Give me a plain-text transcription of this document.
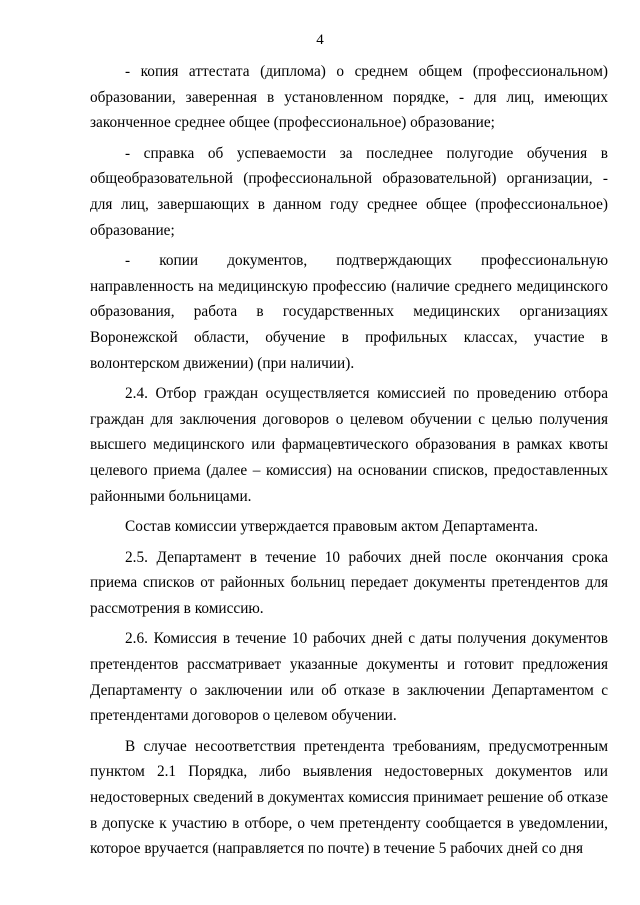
4

- копия аттестата (диплома) о среднем общем (профессиональном) образовании, заверенная в установленном порядке, - для лиц, имеющих законченное среднее общее (профессиональное) образование;

- справка об успеваемости за последнее полугодие обучения в общеобразовательной (профессиональной образовательной) организации, - для лиц, завершающих в данном году среднее общее (профессиональное) образование;

- копии документов, подтверждающих профессиональную направленность на медицинскую профессию (наличие среднего медицинского образования, работа в государственных медицинских организациях Воронежской области, обучение в профильных классах, участие в волонтерском движении) (при наличии).

2.4. Отбор граждан осуществляется комиссией по проведению отбора граждан для заключения договоров о целевом обучении с целью получения высшего медицинского или фармацевтического образования в рамках квоты целевого приема (далее – комиссия) на основании списков, предоставленных районными больницами.

Состав комиссии утверждается правовым актом Департамента.

2.5. Департамент в течение 10 рабочих дней после окончания срока приема списков от районных больниц передает документы претендентов для рассмотрения в комиссию.

2.6. Комиссия в течение 10 рабочих дней с даты получения документов претендентов рассматривает указанные документы и готовит предложения Департаменту о заключении или об отказе в заключении Департаментом с претендентами договоров о целевом обучении.

В случае несоответствия претендента требованиям, предусмотренным пунктом 2.1 Порядка, либо выявления недостоверных документов или недостоверных сведений в документах комиссия принимает решение об отказе в допуске к участию в отборе, о чем претенденту сообщается в уведомлении, которое вручается (направляется по почте) в течение 5 рабочих дней со дня
